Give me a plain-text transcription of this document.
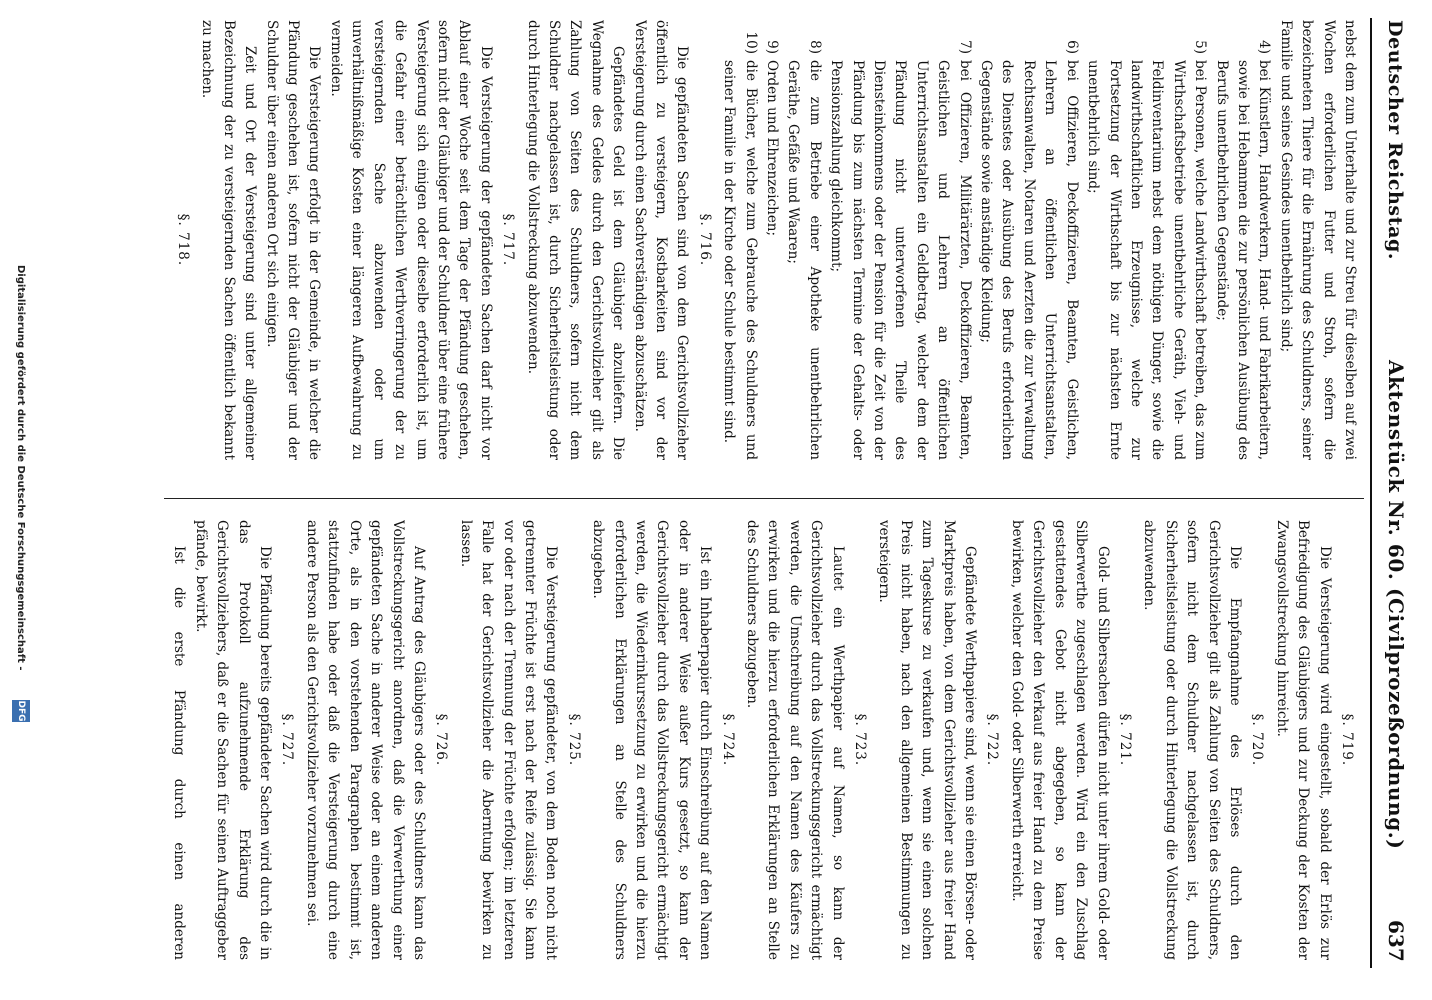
Deutscher Reichstag.
Aktenstück Nr. 60. (Civilprozeßordnung.)
637

nebst dem zum Unterhalte und zur Streu für dieselben auf zwei Wochen erforderlichen Futter und Stroh, sofern die bezeichneten Thiere für die Ernährung des Schuldners, seiner Familie und seines Gesindes unentbehrlich sind;

4)
bei Künstlern, Handwerkern, Hand- und Fabrikarbeitern, sowie bei Hebammen die zur persönlichen Ausübung des Berufs unentbehrlichen Gegenstände;
5)
bei Personen, welche Landwirthschaft betreiben, das zum Wirthschaftsbetriebe unentbehrliche Geräth, Vieh- und Feldinventarium nebst dem nöthigen Dünger, sowie die landwirthschaftlichen Erzeugnisse, welche zur Fortsetzung der Wirthschaft bis zur nächsten Ernte unentbehrlich sind;
6)
bei Offizieren, Deckoffizieren, Beamten, Geistlichen, Lehrern an öffentlichen Unterrichtsanstalten, Rechtsanwalten, Notaren und Aerzten die zur Verwaltung des Dienstes oder Ausübung des Berufs erforderlichen Gegenstände sowie anständige Kleidung;
7)
bei Offizieren, Militärärzten, Deckoffizieren, Beamten, Geistlichen und Lehrern an öffentlichen Unterrichtsanstalten ein Geldbetrag, welcher dem der Pfändung nicht unterworfenen Theile des Diensteinkommens oder der Pension für die Zeit von der Pfändung bis zum nächsten Termine der Gehalts- oder Pensionszahlung gleichkommt;
8)
die zum Betriebe einer Apotheke unentbehrlichen Geräthe, Gefäße und Waaren;
9)
Orden und Ehrenzeichen;
10)
die Bücher, welche zum Gebrauche des Schuldners und seiner Familie in der Kirche oder Schule bestimmt sind.
§. 716.

Die gepfändeten Sachen sind von dem Gerichtsvollzieher öffentlich zu versteigern, Kostbarkeiten sind vor der Versteigerung durch einen Sachverständigen abzuschätzen.

Gepfändetes Geld ist dem Gläubiger abzuliefern. Die Wegnahme des Geldes durch den Gerichtsvollzieher gilt als Zahlung von Seiten des Schuldners, sofern nicht dem Schuldner nachgelassen ist, durch Sicherheitsleistung oder durch Hinterlegung die Vollstreckung abzuwenden.

§. 717.

Die Versteigerung der gepfändeten Sachen darf nicht vor Ablauf einer Woche seit dem Tage der Pfändung geschehen, sofern nicht der Gläubiger und der Schuldner über eine frühere Versteigerung sich einigen oder dieselbe erforderlich ist, um die Gefahr einer beträchtlichen Werthverringerung der zu versteigernden Sache abzuwenden oder um unverhältnißmäßige Kosten einer längeren Aufbewahrung zu vermeiden.

Die Versteigerung erfolgt in der Gemeinde, in welcher die Pfändung geschehen ist, sofern nicht der Gläubiger und der Schuldner über einen anderen Ort sich einigen.

Zeit und Ort der Versteigerung sind unter allgemeiner Bezeichnung der zu versteigernden Sachen öffentlich bekannt zu machen.

§. 718.

§. 719.

Die Versteigerung wird eingestellt, sobald der Erlös zur Befriedigung des Gläubigers und zur Deckung der Kosten der Zwangsvollstreckung hinreicht.

§. 720.

Die Empfangnahme des Erlöses durch den Gerichtsvollzieher gilt als Zahlung von Seiten des Schuldners, sofern nicht dem Schuldner nachgelassen ist, durch Sicherheitsleistung oder durch Hinterlegung die Vollstreckung abzuwenden.

§. 721.

Gold- und Silbersachen dürfen nicht unter ihrem Gold- oder Silberwerthe zugeschlagen werden. Wird ein den Zuschlag gestattendes Gebot nicht abgegeben, so kann der Gerichtsvollzieher den Verkauf aus freier Hand zu dem Preise bewirken, welcher den Gold- oder Silberwerth erreicht.

§. 722.

Gepfändete Werthpapiere sind, wenn sie einen Börsen- oder Marktpreis haben, von dem Gerichtsvollzieher aus freier Hand zum Tageskurse zu verkaufen und, wenn sie einen solchen Preis nicht haben, nach den allgemeinen Bestimmungen zu versteigern.

§. 723.

Lautet ein Werthpapier auf Namen, so kann der Gerichtsvollzieher durch das Vollstreckungsgericht ermächtigt werden, die Umschreibung auf den Namen des Käufers zu erwirken und die hierzu erforderlichen Erklärungen an Stelle des Schuldners abzugeben.

§. 724.

Ist ein Inhaberpapier durch Einschreibung auf den Namen oder in anderer Weise außer Kurs gesetzt, so kann der Gerichtsvollzieher durch das Vollstreckungsgericht ermächtigt werden, die Wiederinkurssetzung zu erwirken und die hierzu erforderlichen Erklärungen an Stelle des Schuldners abzugeben.

§. 725.

Die Versteigerung gepfändeter, von dem Boden noch nicht getrennter Früchte ist erst nach der Reife zulässig. Sie kann vor oder nach der Trennung der Früchte erfolgen; im letzteren Falle hat der Gerichtsvollzieher die Aberntung bewirken zu lassen.

§. 726.

Auf Antrag des Gläubigers oder des Schuldners kann das Vollstreckungsgericht anordnen, daß die Verwerthung einer gepfändeten Sache in anderer Weise oder an einem anderen Orte, als in den vorstehenden Paragraphen bestimmt ist, stattzufinden habe oder daß die Versteigerung durch eine andere Person als den Gerichtsvollzieher vorzunehmen sei.

§. 727.

Die Pfändung bereits gepfändeter Sachen wird durch die in das Protokoll aufzunehmende Erklärung des Gerichtsvollziehers, daß er die Sachen für seinen Auftraggeber pfände, bewirkt.

Ist die erste Pfändung durch einen anderen

Digitalisierung gefördert durch die Deutsche Forschungsgemeinschaft -
DFG
